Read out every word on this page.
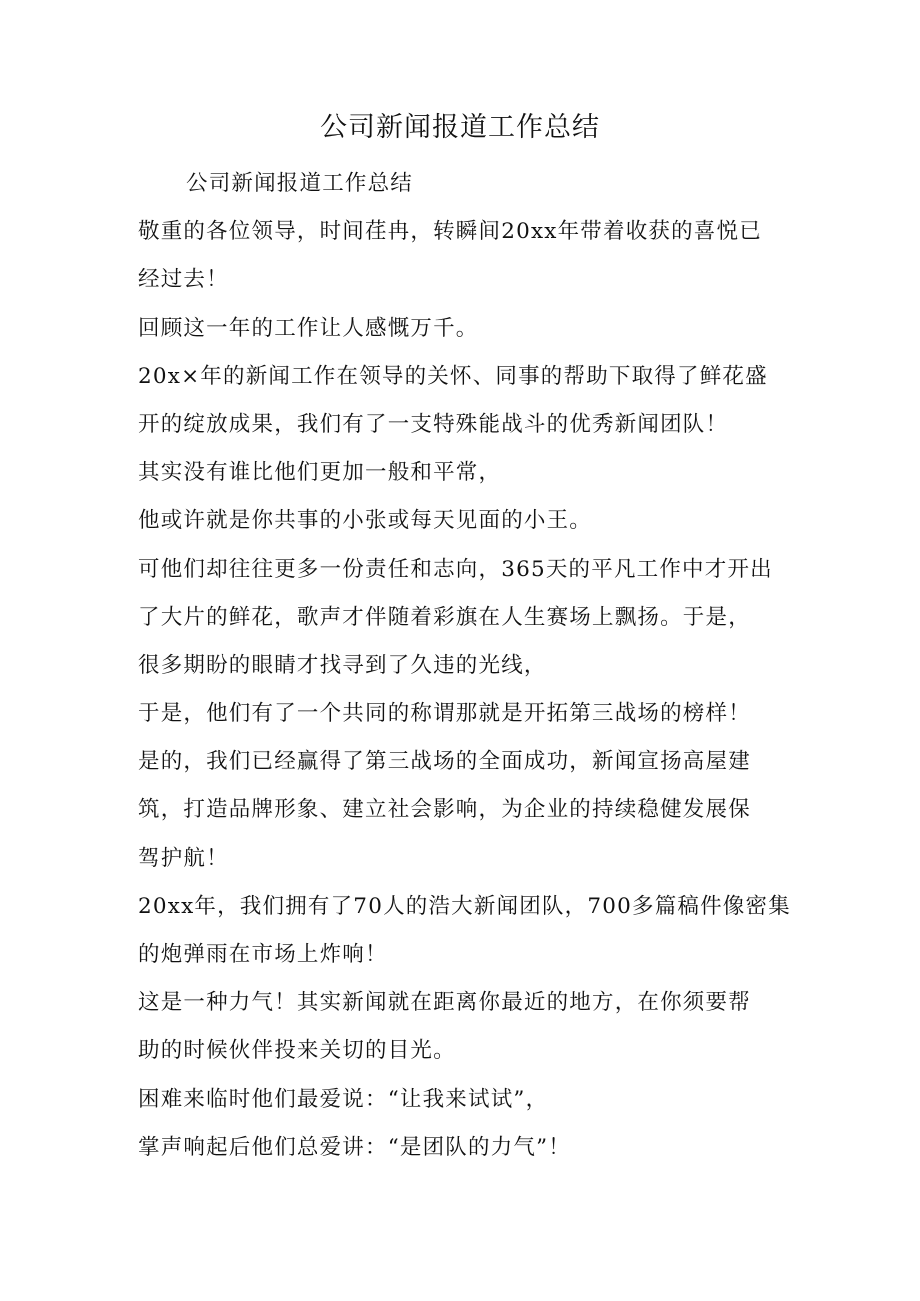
公司新闻报道工作总结
公司新闻报道工作总结
敬重的各位领导，时间荏冉，转瞬间20xx年带着收获的喜悦已
经过去！
回顾这一年的工作让人感慨万千。
20x×年的新闻工作在领导的关怀、同事的帮助下取得了鲜花盛
开的绽放成果，我们有了一支特殊能战斗的优秀新闻团队！
其实没有谁比他们更加一般和平常，
他或许就是你共事的小张或每天见面的小王。
可他们却往往更多一份责任和志向，365天的平凡工作中才开出
了大片的鲜花，歌声才伴随着彩旗在人生赛场上飘扬。于是，
很多期盼的眼睛才找寻到了久违的光线，
于是，他们有了一个共同的称谓那就是开拓第三战场的榜样！
是的，我们已经赢得了第三战场的全面成功，新闻宣扬高屋建
筑，打造品牌形象、建立社会影响，为企业的持续稳健发展保
驾护航！
20xx年，我们拥有了70人的浩大新闻团队，700多篇稿件像密集
的炮弹雨在市场上炸响！
这是一种力气！其实新闻就在距离你最近的地方，在你须要帮
助的时候伙伴投来关切的目光。
困难来临时他们最爱说：“让我来试试”，
掌声响起后他们总爱讲：“是团队的力气”！
